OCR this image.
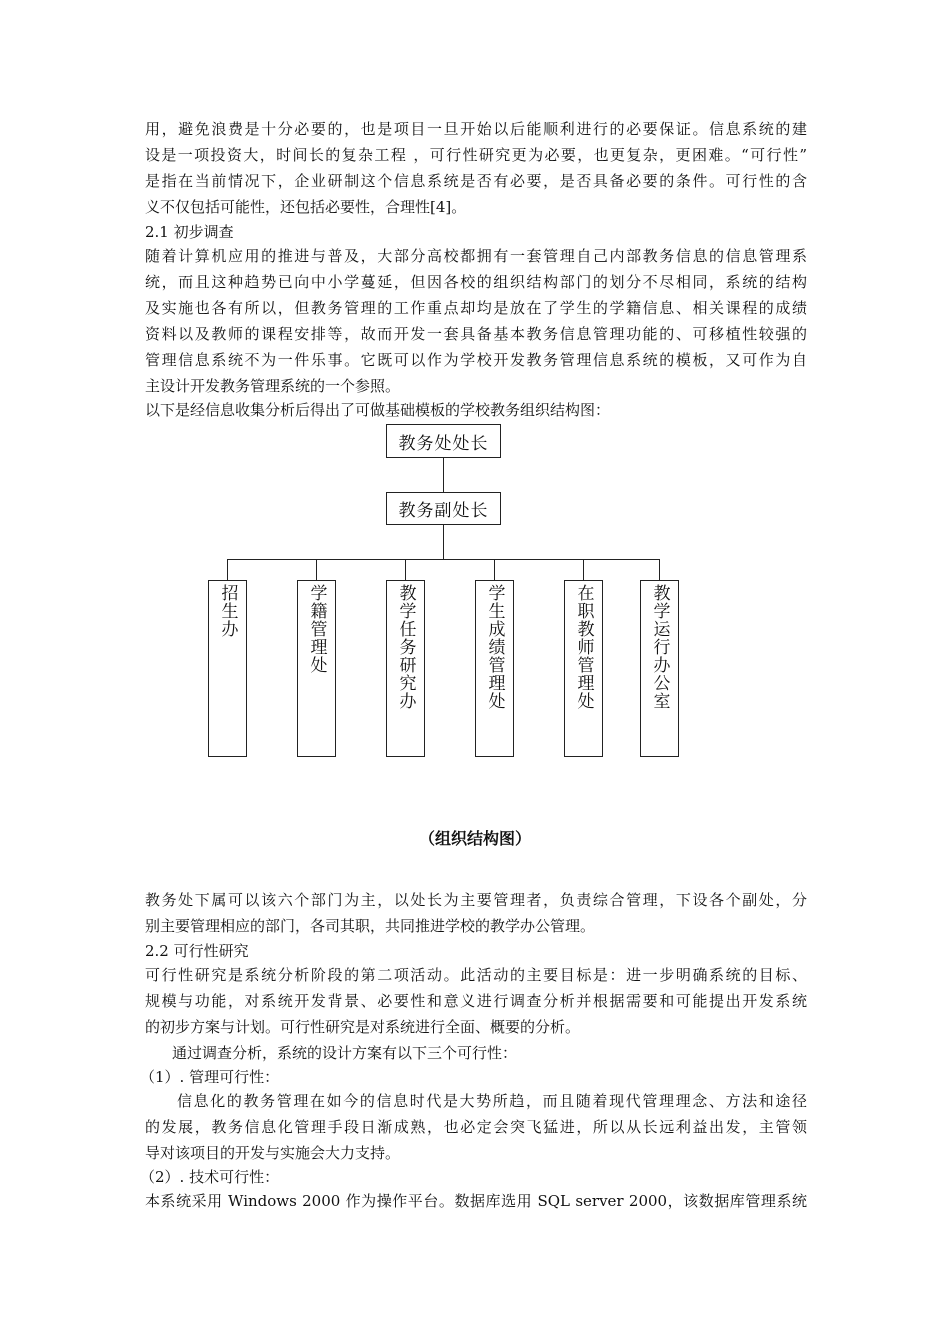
用，避免浪费是十分必要的，也是项目一旦开始以后能顺利进行的必要保证。信息系统的建
设是一项投资大，时间长的复杂工程 ，可行性研究更为必要，也更复杂，更困难。“可行性”
是指在当前情况下，企业研制这个信息系统是否有必要，是否具备必要的条件。可行性的含
义不仅包括可能性，还包括必要性，合理性[4]。
2.1 初步调查
随着计算机应用的推进与普及，大部分高校都拥有一套管理自己内部教务信息的信息管理系
统，而且这种趋势已向中小学蔓延，但因各校的组织结构部门的划分不尽相同，系统的结构
及实施也各有所以，但教务管理的工作重点却均是放在了学生的学籍信息、相关课程的成绩
资料以及教师的课程安排等，故而开发一套具备基本教务信息管理功能的、可移植性较强的
管理信息系统不为一件乐事。它既可以作为学校开发教务管理信息系统的模板，又可作为自
主设计开发教务管理系统的一个参照。
以下是经信息收集分析后得出了可做基础模板的学校教务组织结构图：
教务处处长
教务副处长
招生办	学籍管理处	教学任务研究办	学生成绩管理处	在职教师管理处	教学运行办公室
（组织结构图）
教务处下属可以该六个部门为主，以处长为主要管理者，负责综合管理，下设各个副处，分
别主要管理相应的部门，各司其职，共同推进学校的教学办公管理。
2.2 可行性研究
可行性研究是系统分析阶段的第二项活动。此活动的主要目标是：进一步明确系统的目标、
规模与功能，对系统开发背景、必要性和意义进行调查分析并根据需要和可能提出开发系统
的初步方案与计划。可行性研究是对系统进行全面、概要的分析。
通过调查分析，系统的设计方案有以下三个可行性：
（1）. 管理可行性：
信息化的教务管理在如今的信息时代是大势所趋，而且随着现代管理理念、方法和途径
的发展，教务信息化管理手段日渐成熟，也必定会突飞猛进，所以从长远利益出发，主管领
导对该项目的开发与实施会大力支持。
（2）. 技术可行性：
本系统采用 Windows 2000 作为操作平台。数据库选用 SQL server 2000，该数据库管理系统
